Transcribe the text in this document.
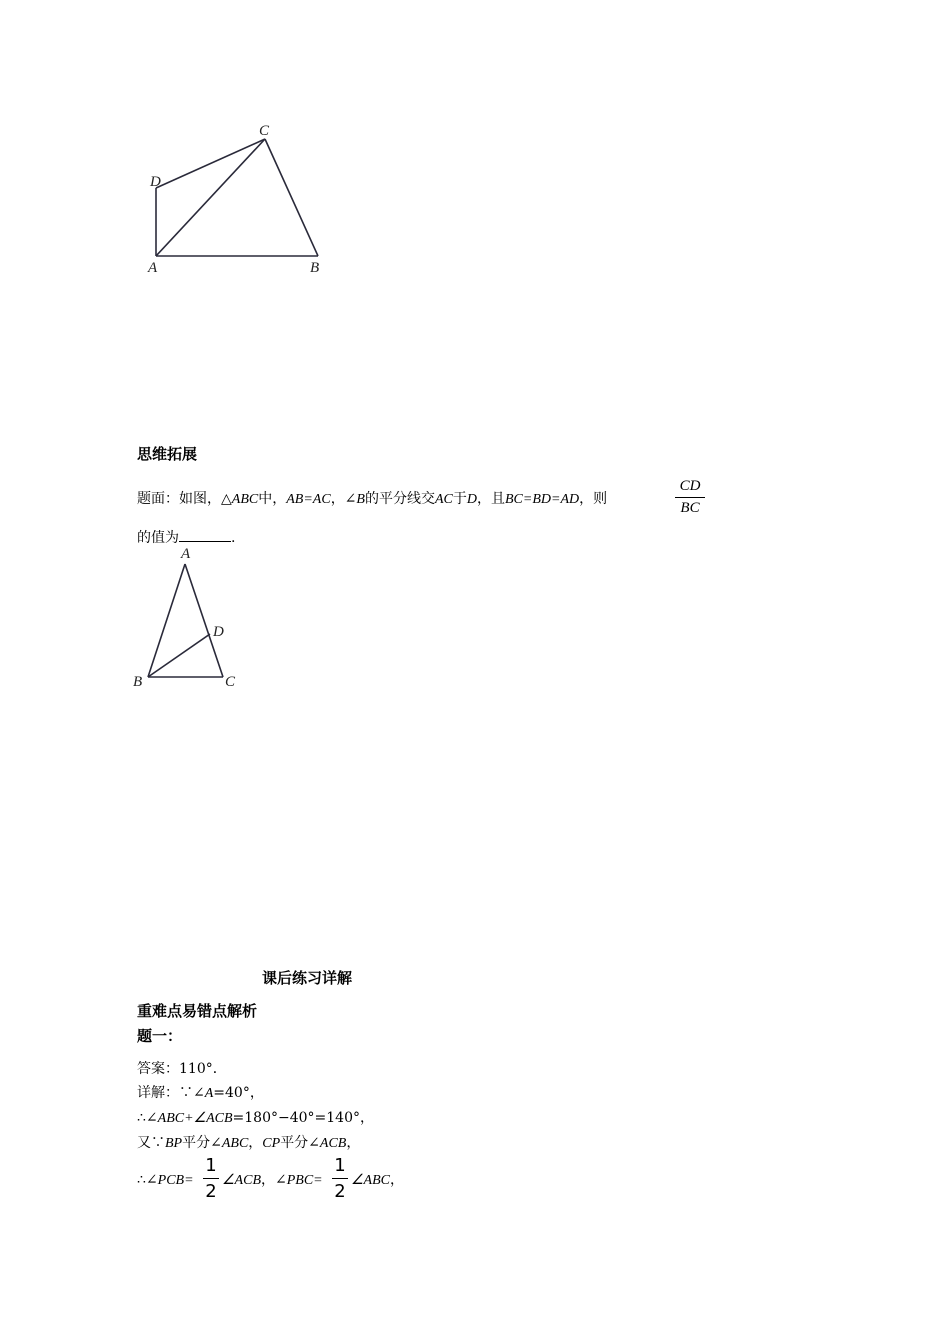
C
D
A	B
思维拓展
题面：如图，△ABC中，AB=AC，∠B的平分线交AC于D，且BC=BD=AD，则
CD
BC
的值为	.
A
D
B	C
课后练习详解
重难点易错点解析
题一：
答案：110°．
详解：∵∠A=40°，
∴∠ABC+∠ACB=180°−40°=140°，
又∵BP平分∠ABC，CP平分∠ACB，
∴∠PCB=
1
2
∠ACB，∠PBC=
1
2
∠ABC，
